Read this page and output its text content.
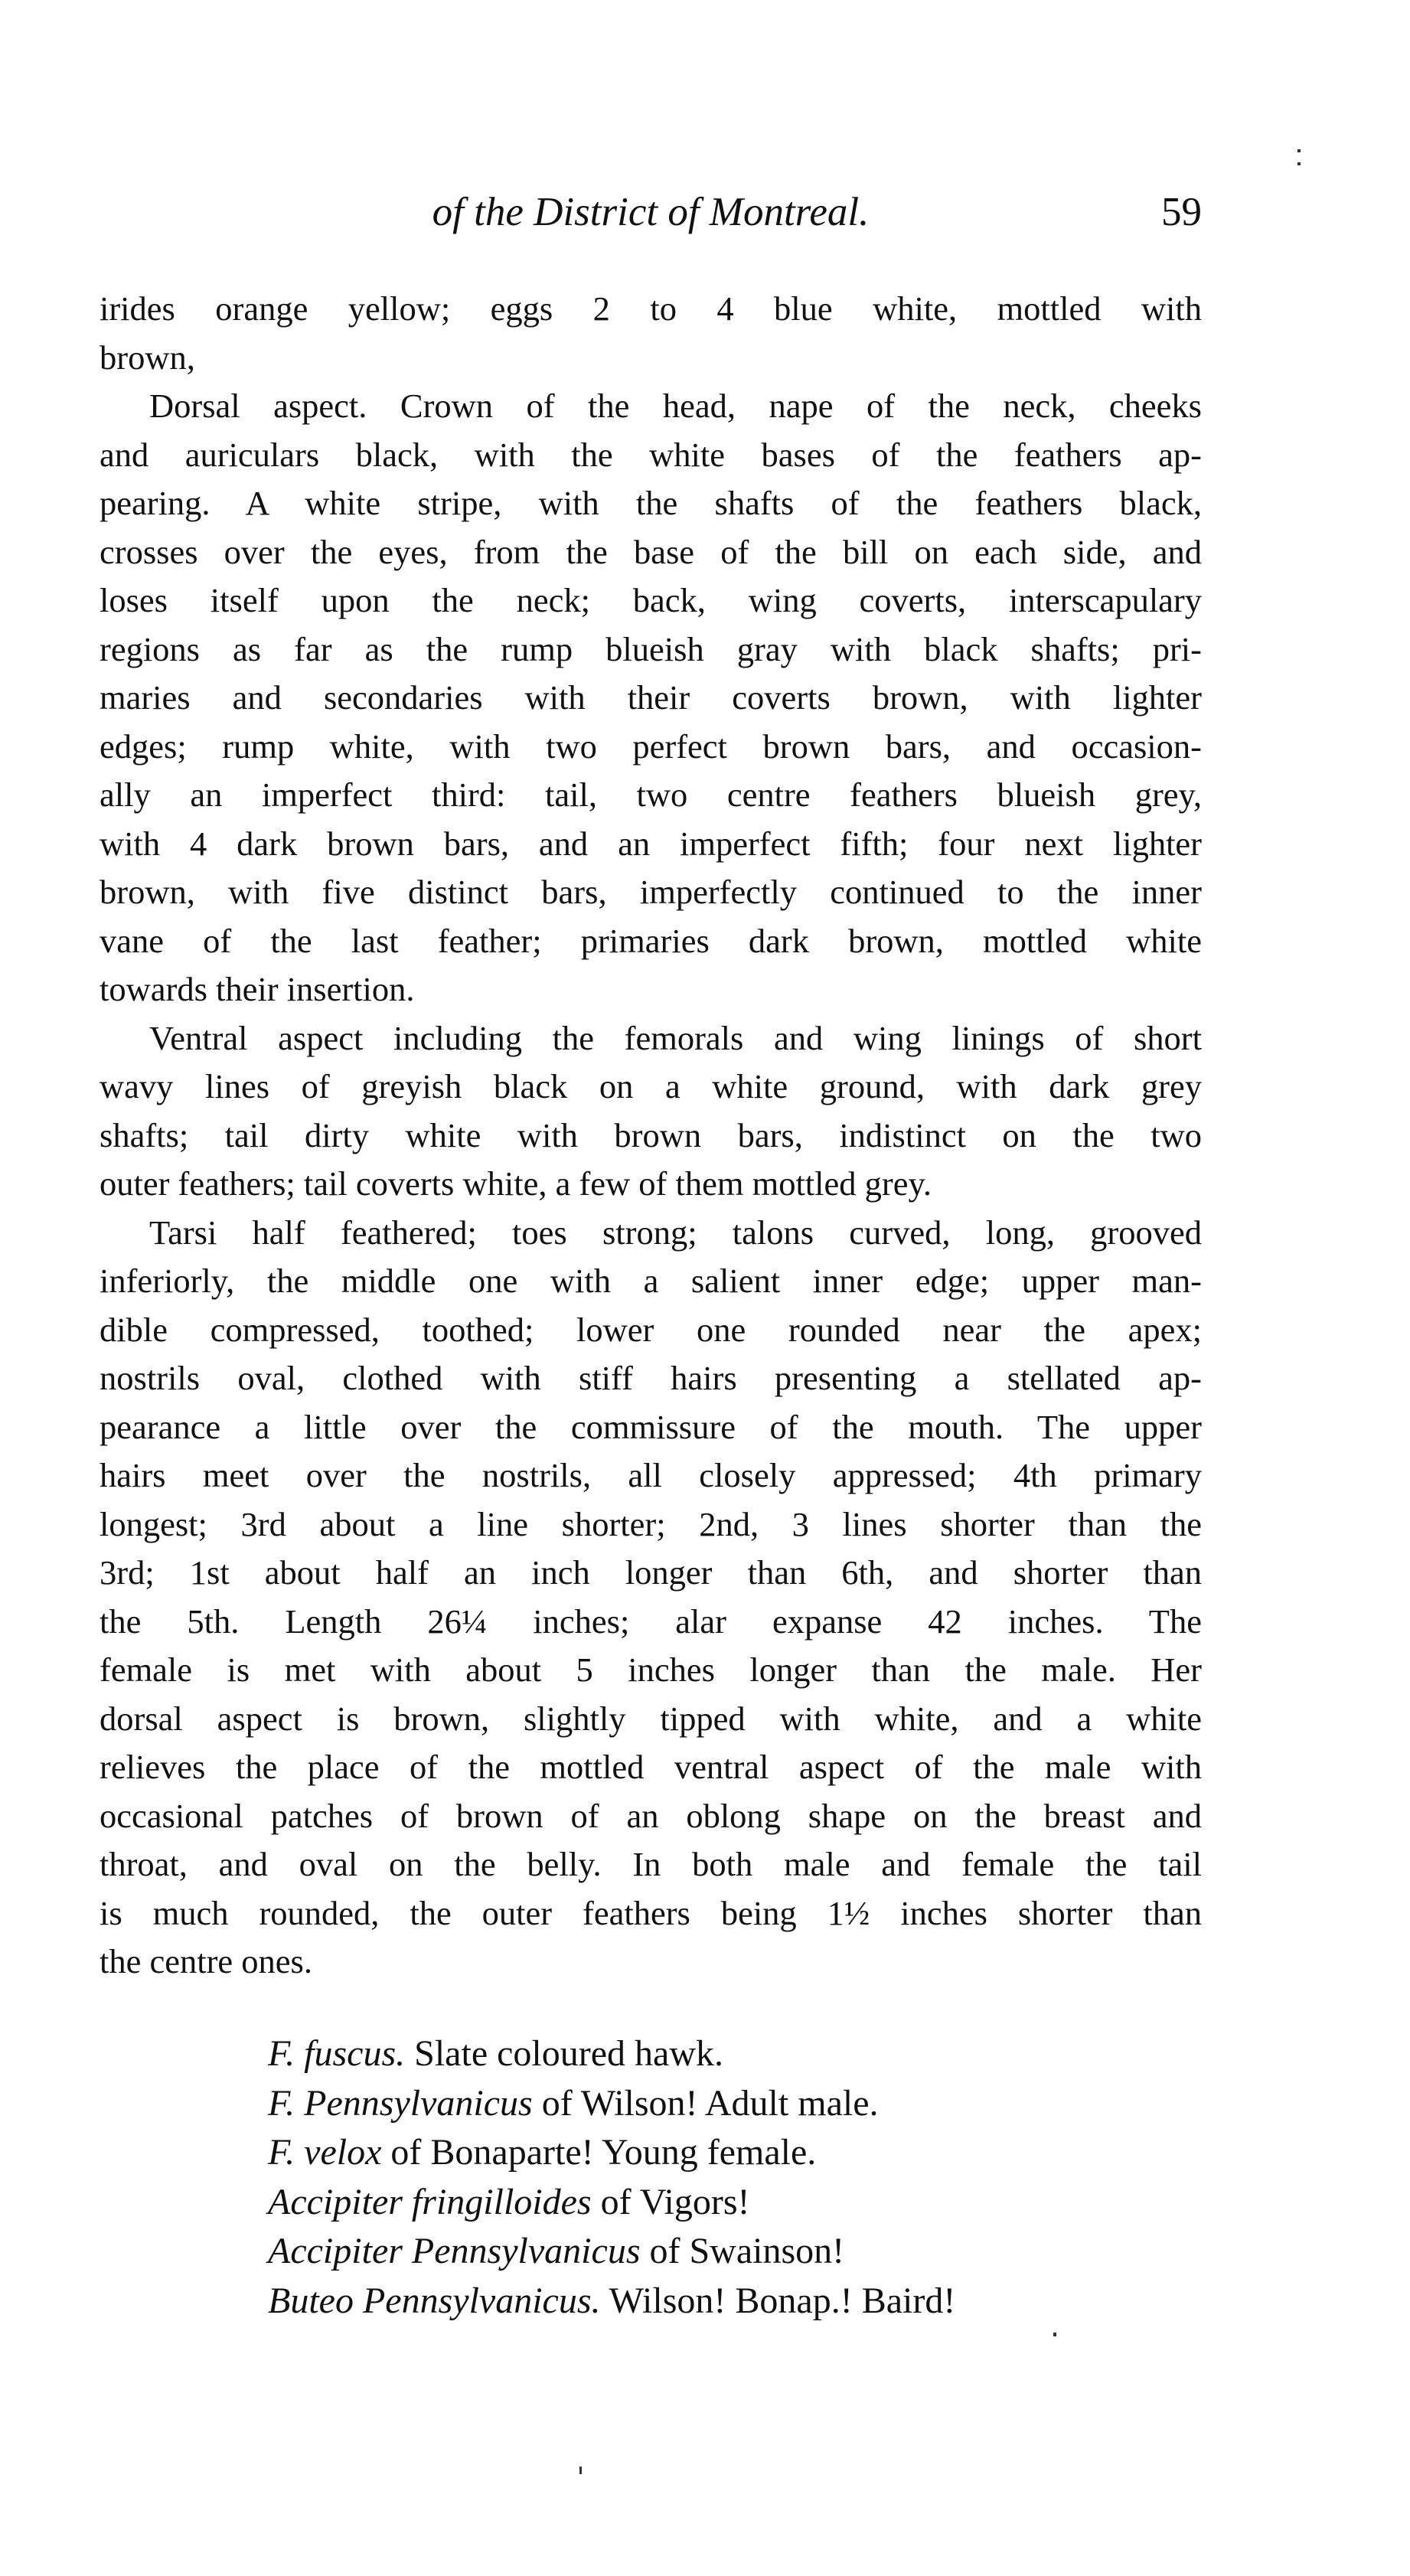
of the District of Montreal.	59
irides orange yellow; eggs 2 to 4 blue white, mottled with
brown,
Dorsal aspect. Crown of the head, nape of the neck, cheeks
and auriculars black, with the white bases of the feathers ap-
pearing. A white stripe, with the shafts of the feathers black,
crosses over the eyes, from the base of the bill on each side, and
loses itself upon the neck; back, wing coverts, interscapulary
regions as far as the rump blueish gray with black shafts; pri-
maries and secondaries with their coverts brown, with lighter
edges; rump white, with two perfect brown bars, and occasion-
ally an imperfect third: tail, two centre feathers blueish grey,
with 4 dark brown bars, and an imperfect fifth; four next lighter
brown, with five distinct bars, imperfectly continued to the inner
vane of the last feather; primaries dark brown, mottled white
towards their insertion.
Ventral aspect including the femorals and wing linings of short
wavy lines of greyish black on a white ground, with dark grey
shafts; tail dirty white with brown bars, indistinct on the two
outer feathers; tail coverts white, a few of them mottled grey.
Tarsi half feathered; toes strong; talons curved, long, grooved
inferiorly, the middle one with a salient inner edge; upper man-
dible compressed, toothed; lower one rounded near the apex;
nostrils oval, clothed with stiff hairs presenting a stellated ap-
pearance a little over the commissure of the mouth. The upper
hairs meet over the nostrils, all closely appressed; 4th primary
longest; 3rd about a line shorter; 2nd, 3 lines shorter than the
3rd; 1st about half an inch longer than 6th, and shorter than
the 5th. Length 26¼ inches; alar expanse 42 inches. The
female is met with about 5 inches longer than the male. Her
dorsal aspect is brown, slightly tipped with white, and a white
relieves the place of the mottled ventral aspect of the male with
occasional patches of brown of an oblong shape on the breast and
throat, and oval on the belly. In both male and female the tail
is much rounded, the outer feathers being 1½ inches shorter than
the centre ones.
F. fuscus. Slate coloured hawk.
F. Pennsylvanicus of Wilson! Adult male.
F. velox of Bonaparte! Young female.
Accipiter fringilloides of Vigors!
Accipiter Pennsylvanicus of Swainson!
Buteo Pennsylvanicus. Wilson! Bonap.! Baird!
